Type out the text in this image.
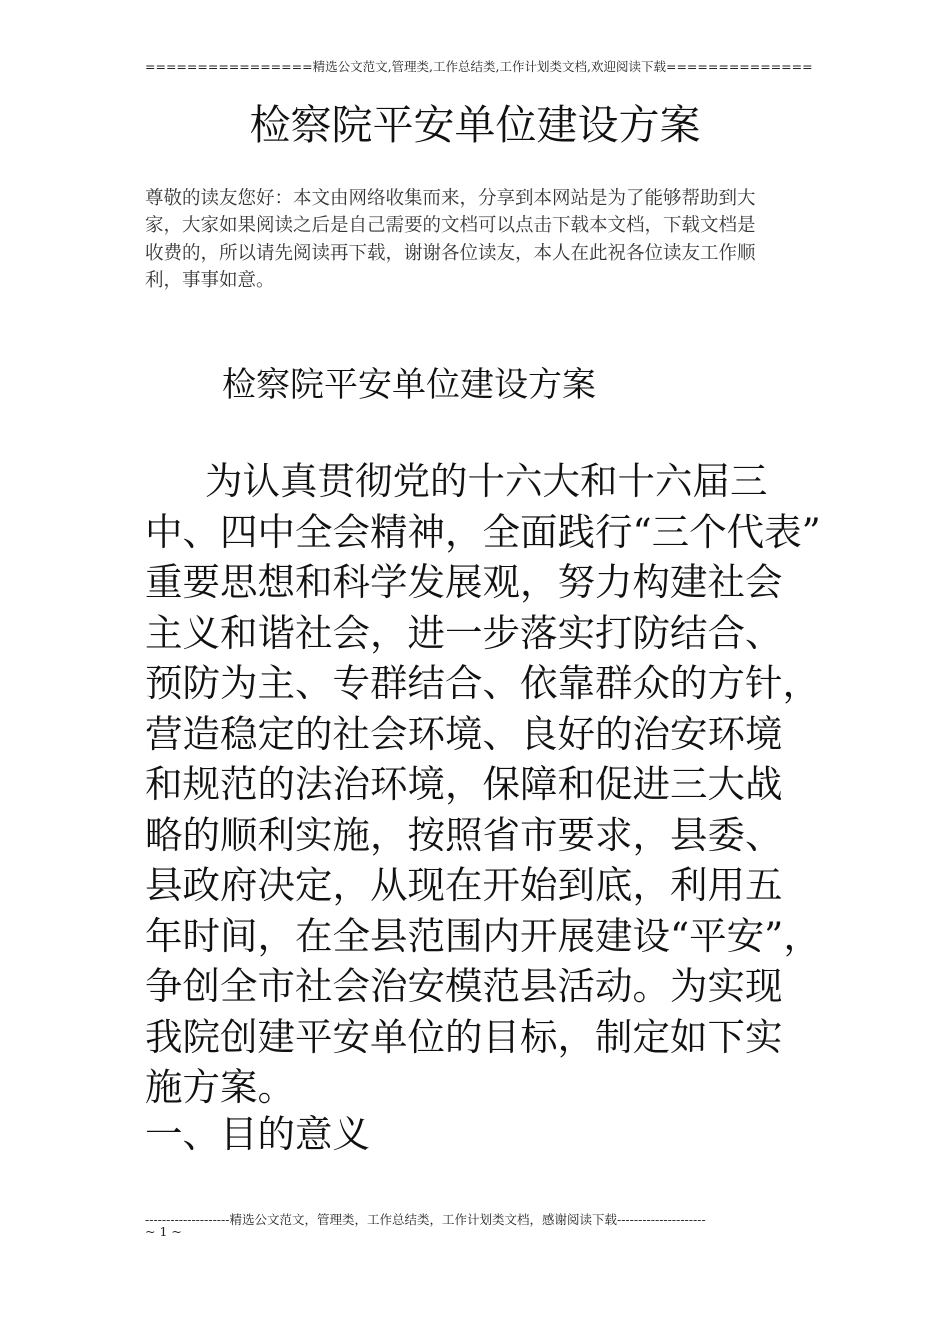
================精选公文范文,管理类,工作总结类,工作计划类文档,欢迎阅读下载==============
检察院平安单位建设方案
尊敬的读友您好：本文由网络收集而来，分享到本网站是为了能够帮助到大
家，大家如果阅读之后是自己需要的文档可以点击下载本文档，下载文档是
收费的，所以请先阅读再下载，谢谢各位读友，本人在此祝各位读友工作顺
利，事事如意。
检察院平安单位建设方案
为认真贯彻党的十六大和十六届三
中、四中全会精神，全面践行“三个代表”
重要思想和科学发展观，努力构建社会
主义和谐社会，进一步落实打防结合、
预防为主、专群结合、依靠群众的方针，
营造稳定的社会环境、良好的治安环境
和规范的法治环境，保障和促进三大战
略的顺利实施，按照省市要求，县委、
县政府决定，从现在开始到底，利用五
年时间，在全县范围内开展建设“平安”，
争创全市社会治安模范县活动。为实现
我院创建平安单位的目标，制定如下实
施方案。
一、目的意义
--------------------精选公文范文，管理类，工作总结类，工作计划类文档，感谢阅读下载---------------------
~ 1 ~
